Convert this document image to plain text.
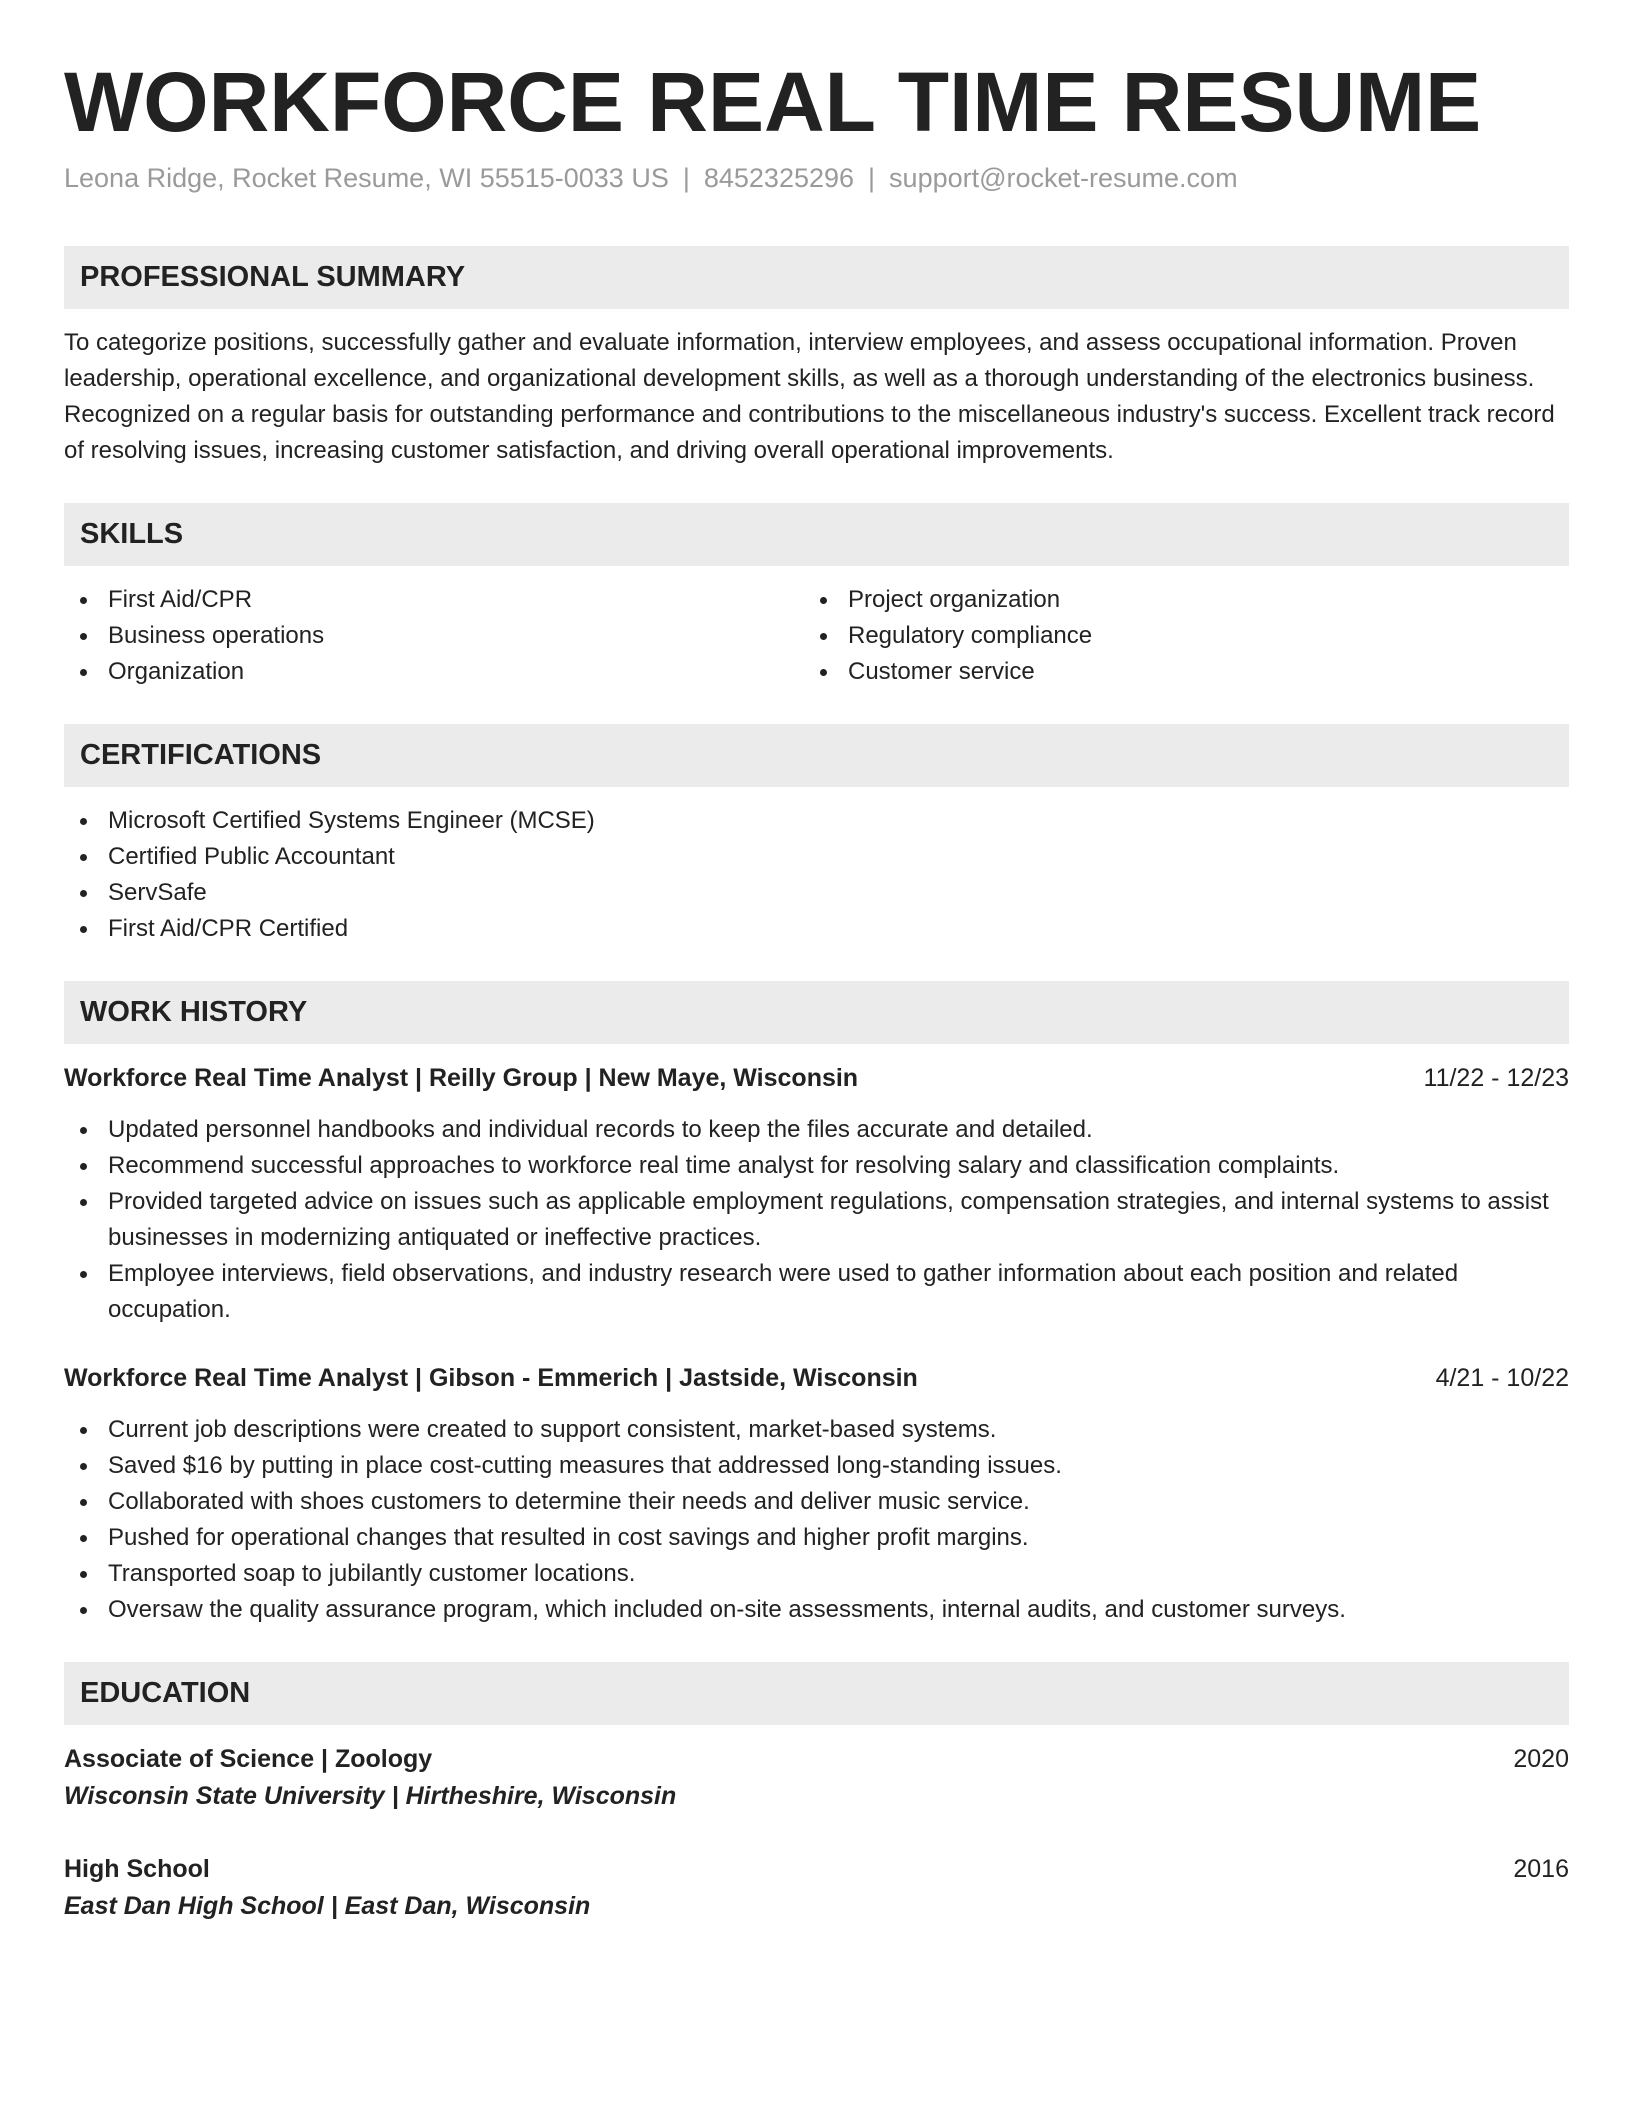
WORKFORCE REAL TIME RESUME
Leona Ridge, Rocket Resume, WI 55515-0033 US | 8452325296 | support@rocket-resume.com
PROFESSIONAL SUMMARY
To categorize positions, successfully gather and evaluate information, interview employees, and assess occupational information. Proven leadership, operational excellence, and organizational development skills, as well as a thorough understanding of the electronics business. Recognized on a regular basis for outstanding performance and contributions to the miscellaneous industry's success. Excellent track record of resolving issues, increasing customer satisfaction, and driving overall operational improvements.
SKILLS
First Aid/CPR
Business operations
Organization
Project organization
Regulatory compliance
Customer service
CERTIFICATIONS
Microsoft Certified Systems Engineer (MCSE)
Certified Public Accountant
ServSafe
First Aid/CPR Certified
WORK HISTORY
Workforce Real Time Analyst | Reilly Group | New Maye, Wisconsin	11/22 - 12/23
Updated personnel handbooks and individual records to keep the files accurate and detailed.
Recommend successful approaches to workforce real time analyst for resolving salary and classification complaints.
Provided targeted advice on issues such as applicable employment regulations, compensation strategies, and internal systems to assist businesses in modernizing antiquated or ineffective practices.
Employee interviews, field observations, and industry research were used to gather information about each position and related occupation.
Workforce Real Time Analyst | Gibson - Emmerich | Jastside, Wisconsin	4/21 - 10/22
Current job descriptions were created to support consistent, market-based systems.
Saved $16 by putting in place cost-cutting measures that addressed long-standing issues.
Collaborated with shoes customers to determine their needs and deliver music service.
Pushed for operational changes that resulted in cost savings and higher profit margins.
Transported soap to jubilantly customer locations.
Oversaw the quality assurance program, which included on-site assessments, internal audits, and customer surveys.
EDUCATION
Associate of Science | Zoology	2020
Wisconsin State University | Hirtheshire, Wisconsin
High School	2016
East Dan High School | East Dan, Wisconsin
